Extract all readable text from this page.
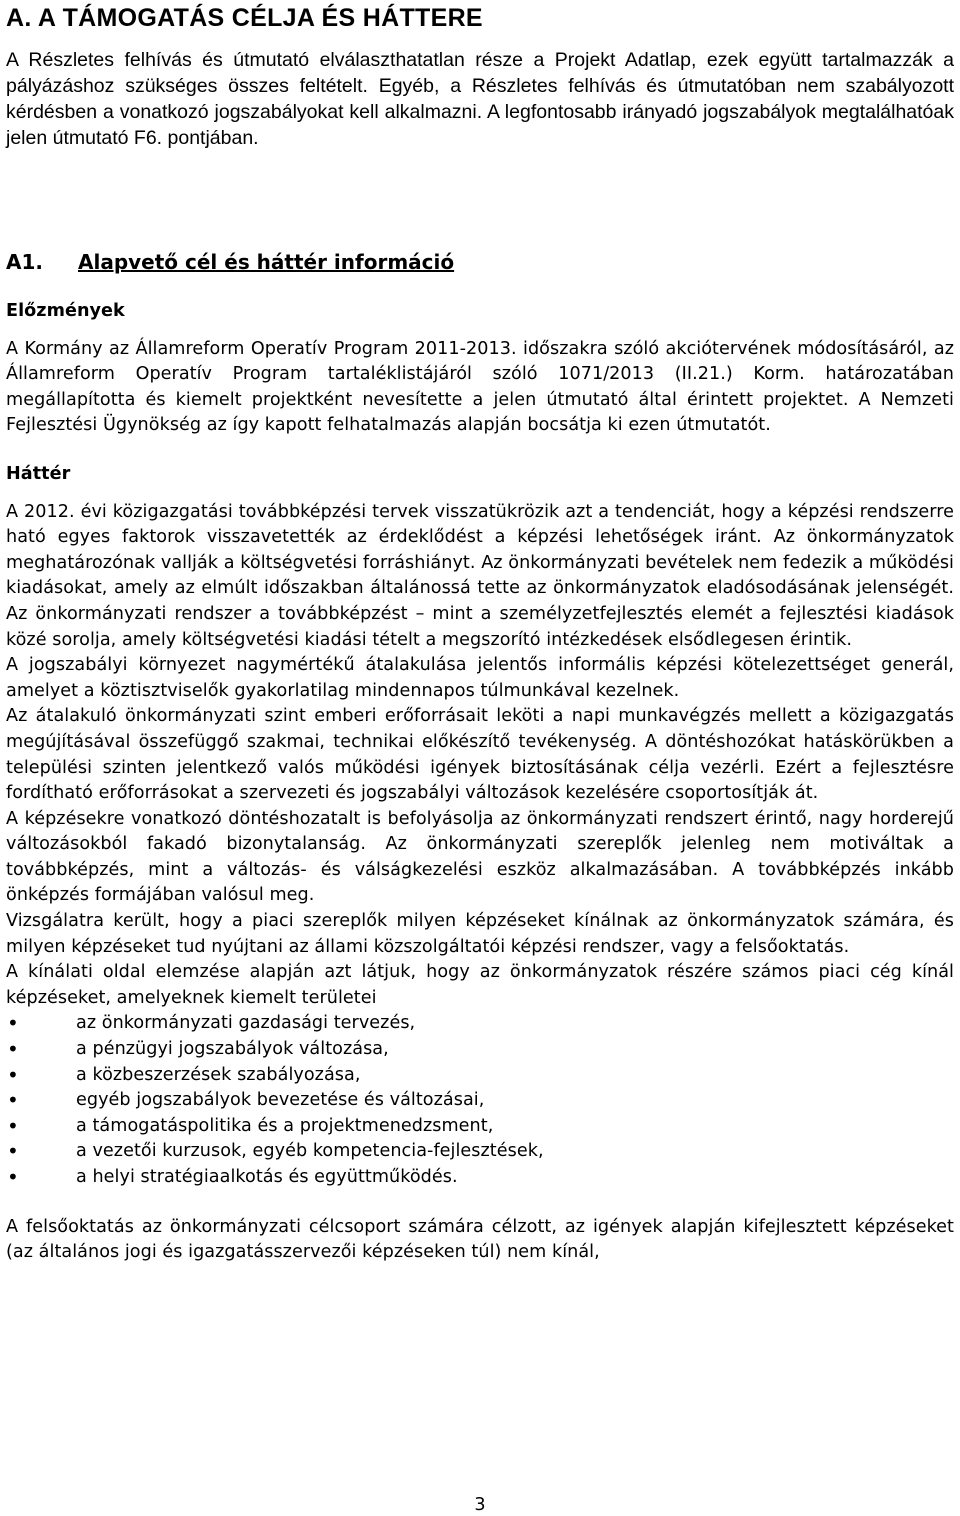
A. A TÁMOGATÁS CÉLJA ÉS HÁTTERE

A Részletes felhívás és útmutató elválaszthatatlan része a Projekt Adatlap, ezek együtt tartalmazzák a pályázáshoz szükséges összes feltételt. Egyéb, a Részletes felhívás és útmutatóban nem szabályozott kérdésben a vonatkozó jogszabályokat kell alkalmazni. A legfontosabb irányadó jogszabályok megtalálhatóak jelen útmutató F6. pontjában.

A1. Alapvető cél és háttér információ
Előzmények

A Kormány az Államreform Operatív Program 2011-2013. időszakra szóló akciótervének módosításáról, az Államreform Operatív Program tartaléklistájáról szóló 1071/2013 (II.21.) Korm. határozatában megállapította és kiemelt projektként nevesítette a jelen útmutató által érintett projektet. A Nemzeti Fejlesztési Ügynökség az így kapott felhatalmazás alapján bocsátja ki ezen útmutatót.

Háttér

A 2012. évi közigazgatási továbbképzési tervek visszatükrözik azt a tendenciát, hogy a képzési rendszerre ható egyes faktorok visszavetették az érdeklődést a képzési lehetőségek iránt. Az önkormányzatok meghatározónak vallják a költségvetési forráshiányt. Az önkormányzati bevételek nem fedezik a működési kiadásokat, amely az elmúlt időszakban általánossá tette az önkormányzatok eladósodásának jelenségét. Az önkormányzati rendszer a továbbképzést – mint a személyzetfejlesztés elemét a fejlesztési kiadások közé sorolja, amely költségvetési kiadási tételt a megszorító intézkedések elsődlegesen érintik.

A jogszabályi környezet nagymértékű átalakulása jelentős informális képzési kötelezettséget generál, amelyet a köztisztviselők gyakorlatilag mindennapos túlmunkával kezelnek.

Az átalakuló önkormányzati szint emberi erőforrásait leköti a napi munkavégzés mellett a közigazgatás megújításával összefüggő szakmai, technikai előkészítő tevékenység. A döntéshozókat hatáskörükben a települési szinten jelentkező valós működési igények biztosításának célja vezérli. Ezért a fejlesztésre fordítható erőforrásokat a szervezeti és jogszabályi változások kezelésére csoportosítják át.

A képzésekre vonatkozó döntéshozatalt is befolyásolja az önkormányzati rendszert érintő, nagy horderejű változásokból fakadó bizonytalanság. Az önkormányzati szereplők jelenleg nem motiváltak a továbbképzés, mint a változás- és válságkezelési eszköz alkalmazásában. A továbbképzés inkább önképzés formájában valósul meg.

Vizsgálatra került, hogy a piaci szereplők milyen képzéseket kínálnak az önkormányzatok számára, és milyen képzéseket tud nyújtani az állami közszolgáltatói képzési rendszer, vagy a felsőoktatás.

A kínálati oldal elemzése alapján azt látjuk, hogy az önkormányzatok részére számos piaci cég kínál képzéseket, amelyeknek kiemelt területei

• az önkormányzati gazdasági tervezés,
• a pénzügyi jogszabályok változása,
• a közbeszerzések szabályozása,
• egyéb jogszabályok bevezetése és változásai,
• a támogatáspolitika és a projektmenedzsment,
• a vezetői kurzusok, egyéb kompetencia-fejlesztések,
• a helyi stratégiaalkotás és együttműködés.

A felsőoktatás az önkormányzati célcsoport számára célzott, az igények alapján kifejlesztett képzéseket (az általános jogi és igazgatásszervezői képzéseken túl) nem kínál,

3
